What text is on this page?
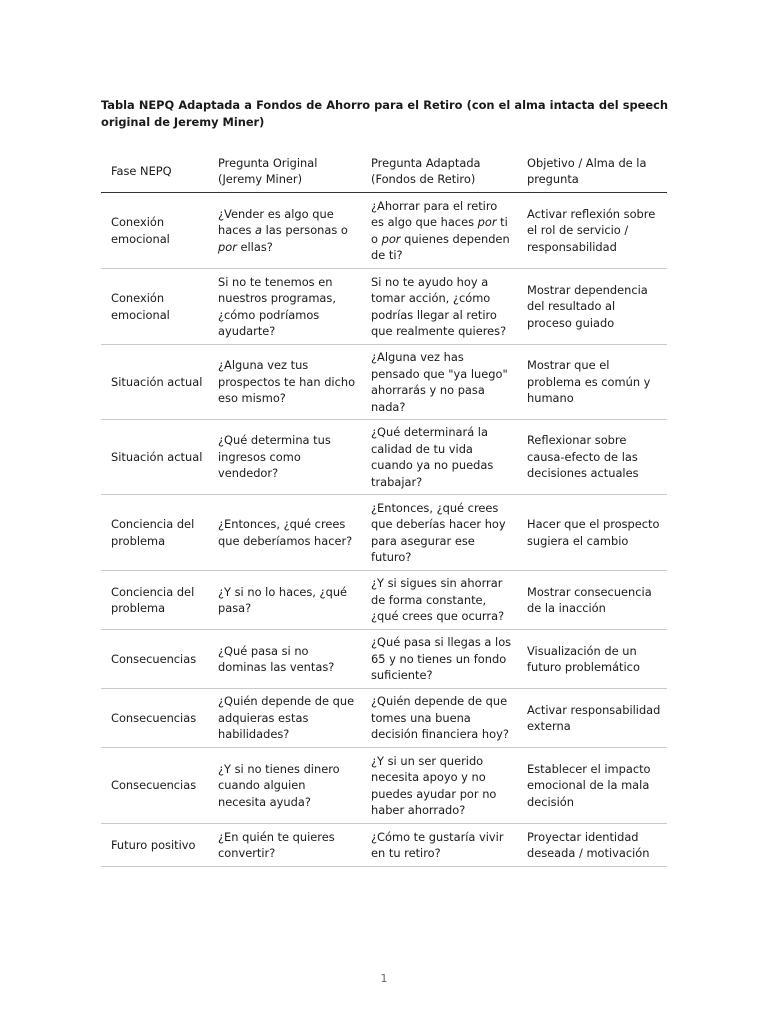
Tabla NEPQ Adaptada a Fondos de Ahorro para el Retiro (con el alma intacta del speech original de Jeremy Miner)
Fase NEPQ	Pregunta Original (Jeremy Miner)	Pregunta Adaptada (Fondos de Retiro)	Objetivo / Alma de la pregunta
Conexión emocional	¿Vender es algo que haces a las personas o por ellas?	¿Ahorrar para el retiro es algo que haces por ti o por quienes dependen de ti?	Activar reflexión sobre el rol de servicio / responsabilidad
Conexión emocional	Si no te tenemos en nuestros programas, ¿cómo podríamos ayudarte?	Si no te ayudo hoy a tomar acción, ¿cómo podrías llegar al retiro que realmente quieres?	Mostrar dependencia del resultado al proceso guiado
Situación actual	¿Alguna vez tus prospectos te han dicho eso mismo?	¿Alguna vez has pensado que "ya luego" ahorrarás y no pasa nada?	Mostrar que el problema es común y humano
Situación actual	¿Qué determina tus ingresos como vendedor?	¿Qué determinará la calidad de tu vida cuando ya no puedas trabajar?	Reflexionar sobre causa-efecto de las decisiones actuales
Conciencia del problema	¿Entonces, ¿qué crees que deberíamos hacer?	¿Entonces, ¿qué crees que deberías hacer hoy para asegurar ese futuro?	Hacer que el prospecto sugiera el cambio
Conciencia del problema	¿Y si no lo haces, ¿qué pasa?	¿Y si sigues sin ahorrar de forma constante, ¿qué crees que ocurra?	Mostrar consecuencia de la inacción
Consecuencias	¿Qué pasa si no dominas las ventas?	¿Qué pasa si llegas a los 65 y no tienes un fondo suficiente?	Visualización de un futuro problemático
Consecuencias	¿Quién depende de que adquieras estas habilidades?	¿Quién depende de que tomes una buena decisión financiera hoy?	Activar responsabilidad externa
Consecuencias	¿Y si no tienes dinero cuando alguien necesita ayuda?	¿Y si un ser querido necesita apoyo y no puedes ayudar por no haber ahorrado?	Establecer el impacto emocional de la mala decisión
Futuro positivo	¿En quién te quieres convertir?	¿Cómo te gustaría vivir en tu retiro?	Proyectar identidad deseada / motivación
1
